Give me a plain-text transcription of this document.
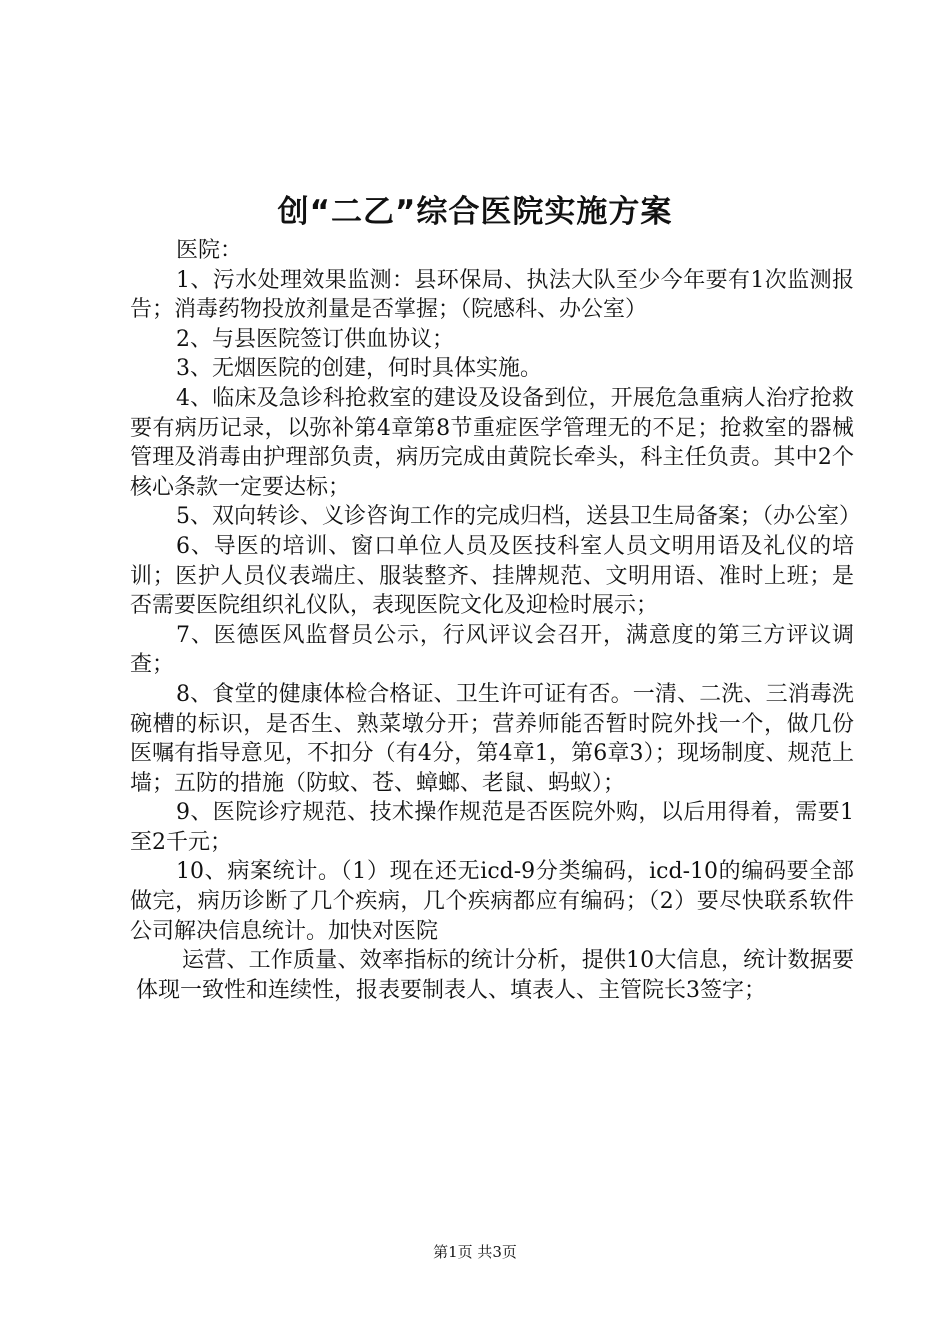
创“二乙”综合医院实施方案

医院：

1、污水处理效果监测：县环保局、执法大队至少今年要有1次监测报告；消毒药物投放剂量是否掌握；（院感科、办公室）

2、与县医院签订供血协议；

3、无烟医院的创建，何时具体实施。

4、临床及急诊科抢救室的建设及设备到位，开展危急重病人治疗抢救要有病历记录，以弥补第4章第8节重症医学管理无的不足；抢救室的器械管理及消毒由护理部负责，病历完成由黄院长牵头，科主任负责。其中2个核心条款一定要达标；

5、双向转诊、义诊咨询工作的完成归档，送县卫生局备案；（办公室）

6、导医的培训、窗口单位人员及医技科室人员文明用语及礼仪的培训；医护人员仪表端庄、服装整齐、挂牌规范、文明用语、准时上班；是否需要医院组织礼仪队，表现医院文化及迎检时展示；

7、医德医风监督员公示，行风评议会召开，满意度的第三方评议调查；

8、食堂的健康体检合格证、卫生许可证有否。一清、二洗、三消毒洗碗槽的标识，是否生、熟菜墩分开；营养师能否暂时院外找一个，做几份医嘱有指导意见，不扣分（有4分，第4章1，第6章3）；现场制度、规范上墙；五防的措施（防蚊、苍、蟑螂、老鼠、蚂蚁）；

9、医院诊疗规范、技术操作规范是否医院外购，以后用得着，需要1至2千元；

10、病案统计。（1）现在还无icd-9分类编码，icd-10的编码要全部做完，病历诊断了几个疾病，几个疾病都应有编码；（2）要尽快联系软件公司解决信息统计。加快对医院

运营、工作质量、效率指标的统计分析，提供10大信息，统计数据要体现一致性和连续性，报表要制表人、填表人、主管院长3签字；

第1页 共3页
